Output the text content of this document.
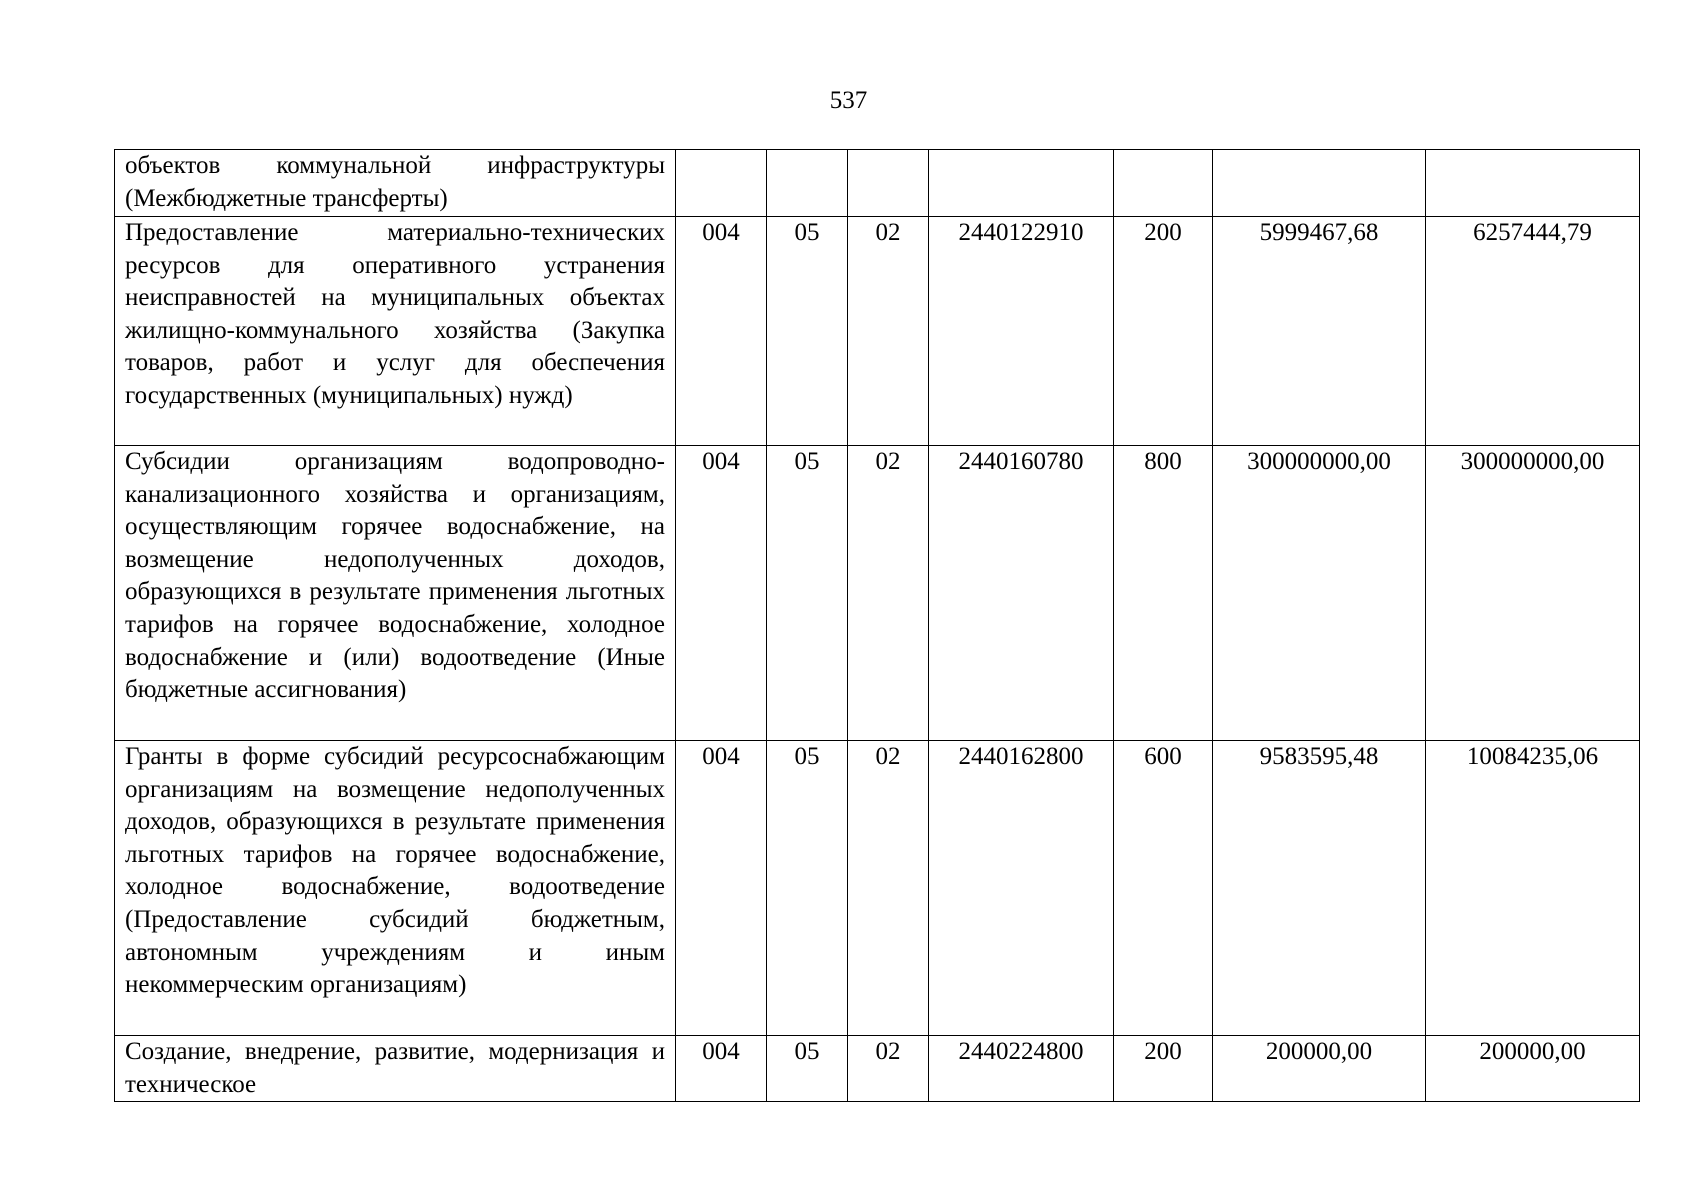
537
объектов коммунальной инфраструктуры (Межбюджетные трансферты)							
Предоставление материально-технических ресурсов для оперативного устранения неисправностей на муниципальных объектах жилищно-коммунального хозяйства (Закупка товаров, работ и услуг для обеспечения государственных (муниципальных) нужд)	004	05	02	2440122910	200	5999467,68	6257444,79
Субсидии организациям водопроводно-канализационного хозяйства и организациям, осуществляющим горячее водоснабжение, на возмещение недополученных доходов, образующихся в результате применения льготных тарифов на горячее водоснабжение, холодное водоснабжение и (или) водоотведение (Иные бюджетные ассигнования)	004	05	02	2440160780	800	300000000,00	300000000,00
Гранты в форме субсидий ресурсоснабжающим организациям на возмещение недополученных доходов, образующихся в результате применения льготных тарифов на горячее водоснабжение, холодное водоснабжение, водоотведение (Предоставление субсидий бюджетным, автономным учреждениям и иным некоммерческим организациям)	004	05	02	2440162800	600	9583595,48	10084235,06
Создание, внедрение, развитие, модернизация и техническое	004	05	02	2440224800	200	200000,00	200000,00
